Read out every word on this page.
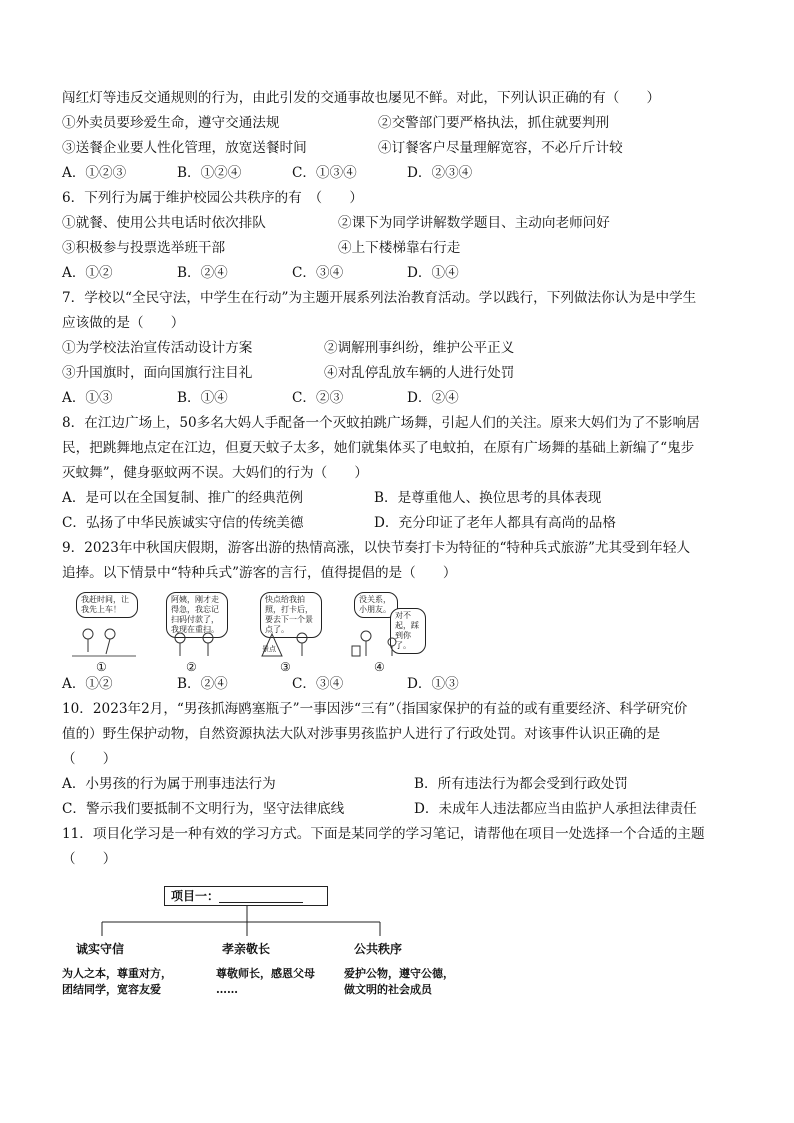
闯红灯等违反交通规则的行为，由此引发的交通事故也屡见不鲜。对此，下列认识正确的有（　　）
①外卖员要珍爱生命，遵守交通法规	②交警部门要严格执法，抓住就要判刑
③送餐企业要人性化管理，放宽送餐时间	④订餐客户尽量理解宽容，不必斤斤计较
A．①②③	B．①②④	C．①③④	D．②③④
6．下列行为属于维护校园公共秩序的有　（　　）
①就餐、使用公共电话时依次排队	②课下为同学讲解数学题目、主动向老师问好
③积极参与投票选举班干部	④上下楼梯靠右行走
A．①②	B．②④	C．③④	D．①④
7．学校以“全民守法，中学生在行动”为主题开展系列法治教育活动。学以践行，下列做法你认为是中学生
应该做的是（　　）
①为学校法治宣传活动设计方案	②调解刑事纠纷，维护公平正义
③升国旗时，面向国旗行注目礼	④对乱停乱放车辆的人进行处罚
A．①③	B．①④	C．②③	D．②④
8．在江边广场上，50多名大妈人手配备一个灭蚊拍跳广场舞，引起人们的关注。原来大妈们为了不影响居
民，把跳舞地点定在江边，但夏天蚊子太多，她们就集体买了电蚊拍，在原有广场舞的基础上新编了“鬼步
灭蚊舞”，健身驱蚊两不误。大妈们的行为（　　）
A．是可以在全国复制、推广的经典范例	B．是尊重他人、换位思考的具体表现
C．弘扬了中华民族诚实守信的传统美德	D．充分印证了老年人都具有高尚的品格
9．2023年中秋国庆假期，游客出游的热情高涨，以快节奏打卡为特征的“特种兵式旅游”尤其受到年轻人
追捧。以下情景中“特种兵式”游客的言行，值得提倡的是（　　）
我赶时间，让我先上车！
①
阿姨，刚才走得急，我忘记扫码付款了，我现在重扫。
②
快点给我拍照，打卡后，要去下一个景点了。
景点
③
没关系，小朋友。
对不起，踩到你了。
④
A．①②	B．②④	C．③④	D．①③
10．2023年2月，“男孩抓海鸥塞瓶子”一事因涉“三有”（指国家保护的有益的或有重要经济、科学研究价
值的）野生保护动物，自然资源执法大队对涉事男孩监护人进行了行政处罚。对该事件认识正确的是
（　　）
A．小男孩的行为属于刑事违法行为	B．所有违法行为都会受到行政处罚
C．警示我们要抵制不文明行为，坚守法律底线	D．未成年人违法都应当由监护人承担法律责任
11．项目化学习是一种有效的学习方式。下面是某同学的学习笔记，请帮他在项目一处选择一个合适的主题
（　　）
项目一：
诚实守信	孝亲敬长	公共秩序
为人之本，尊重对方，
团结同学，宽容友爱
尊敬师长，感恩父母
……
爱护公物，遵守公德，
做文明的社会成员
